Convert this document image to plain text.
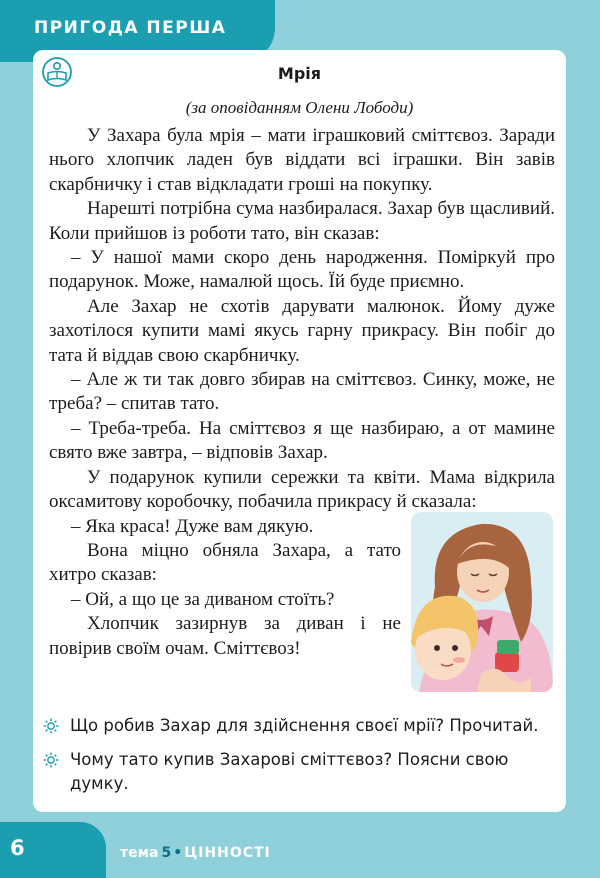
ПРИГОДА ПЕРША
Мрія
(за оповіданням Олени Лободи)

У Захара була мрія – мати іграшковий сміттєвоз. Заради нього хлопчик ладен був віддати всі іграшки. Він завів скарбничку і став відкладати гроші на покупку.

Нарешті потрібна сума назбиралася. Захар був щасливий. Коли прийшов із роботи тато, він сказав:

– У нашої мами скоро день народження. Поміркуй про подарунок. Може, намалюй щось. Їй буде приємно.

Але Захар не схотів дарувати малюнок. Йому дуже захотілося купити мамі якусь гарну прикрасу. Він побіг до тата й віддав свою скарбничку.

– Але ж ти так довго збирав на сміттєвоз. Синку, може, не треба? – спитав тато.

– Треба-треба. На сміттєвоз я ще назбираю, а от мамине свято вже завтра, – відповів Захар.

У подарунок купили сережки та квіти. Мама відкрила оксамитову коробочку, побачила прикрасу й сказала:

– Яка краса! Дуже вам дякую.

Вона міцно обняла Захара, а тато хитро сказав:

– Ой, а що це за диваном стоїть?

Хлопчик зазирнув за диван і не повірив своїм очам. Сміттєвоз!

Що робив Захар для здійснення своєї мрії? Прочитай.
Чому тато купив Захарові сміттєвоз? Поясни свою думку.
6	тема 5 • ЦІННОСТІ
